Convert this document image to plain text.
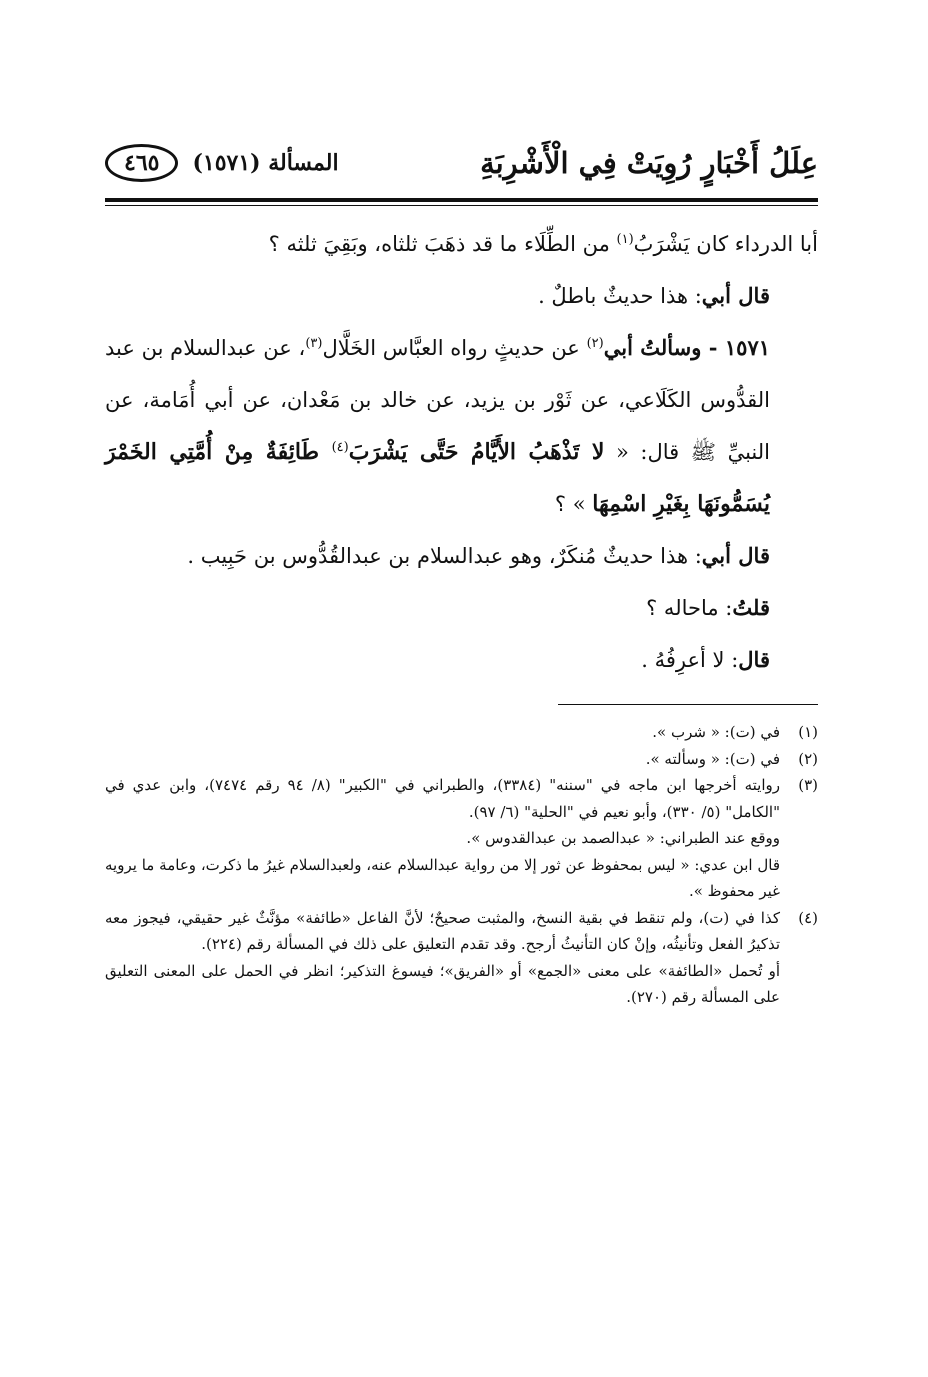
عِلَلُ أَخْبَارٍ رُوِيَتْ فِي الْأَشْرِبَةِ
المسألة (١٥٧١)
٤٦٥

أبا الدرداء كان يَشْرَبُ$^{(١)}$ من الطِّلَاء ما قد ذهَبَ ثلثاه، وبَقِيَ ثلثه ؟

قال أبي: هذا حديثٌ باطلٌ .

١٥٧١ - وسألتُ أبي$^{(٢)}$ عن حديثٍ رواه العبَّاس الخَلَّال$^{(٣)}$، عن عبدالسلام بن عبد القدُّوس الكَلَاعي، عن ثَوْر بن يزيد، عن خالد بن مَعْدان، عن أبي أُمَامة، عن النبيِّ ﷺ قال: « لا تَذْهَبُ الأَيَّامُ حَتَّى يَشْرَبَ$^{(٤)}$ طَائِفَةٌ مِنْ أُمَّتِي الخَمْرَ يُسَمُّونَهَا بِغَيْرِ اسْمِهَا » ؟

قال أبي: هذا حديثٌ مُنكَرٌ، وهو عبدالسلام بن عبدالقُدُّوس بن حَبِيب .

قلتُ: ماحاله ؟

قال: لا أعرِفُهُ .

(١)
في (ت): « شرب ».
(٢)
في (ت): « وسألته ».
(٣)
روايته أخرجها ابن ماجه في "سننه" (٣٣٨٤)، والطبراني في "الكبير" (٨/ ٩٤ رقم ٧٤٧٤)، وابن عدي في "الكامل" (٥/ ٣٣٠)، وأبو نعيم في "الحلية" (٦/ ٩٧).
ووقع عند الطبراني: « عبدالصمد بن عبدالقدوس ».
قال ابن عدي: « ليس بمحفوظ عن ثور إلا من رواية عبدالسلام عنه، ولعبدالسلام غيرُ ما ذكرت، وعامة ما يرويه غير محفوظ ».
(٤)
كذا في (ت)، ولم تنقط في بقية النسخ، والمثبت صحيحٌ؛ لأنَّ الفاعل «طائفة» مؤنَّثٌ غير حقيقي، فيجوز معه تذكيرُ الفعل وتأنيثُه، وإنْ كان التأنيثُ أرجح. وقد تقدم التعليق على ذلك في المسألة رقم (٢٢٤).
أو تُحمل «الطائفة» على معنى «الجمع» أو «الفريق»؛ فيسوغ التذكير؛ انظر في الحمل على المعنى التعليق على المسألة رقم (٢٧٠).
